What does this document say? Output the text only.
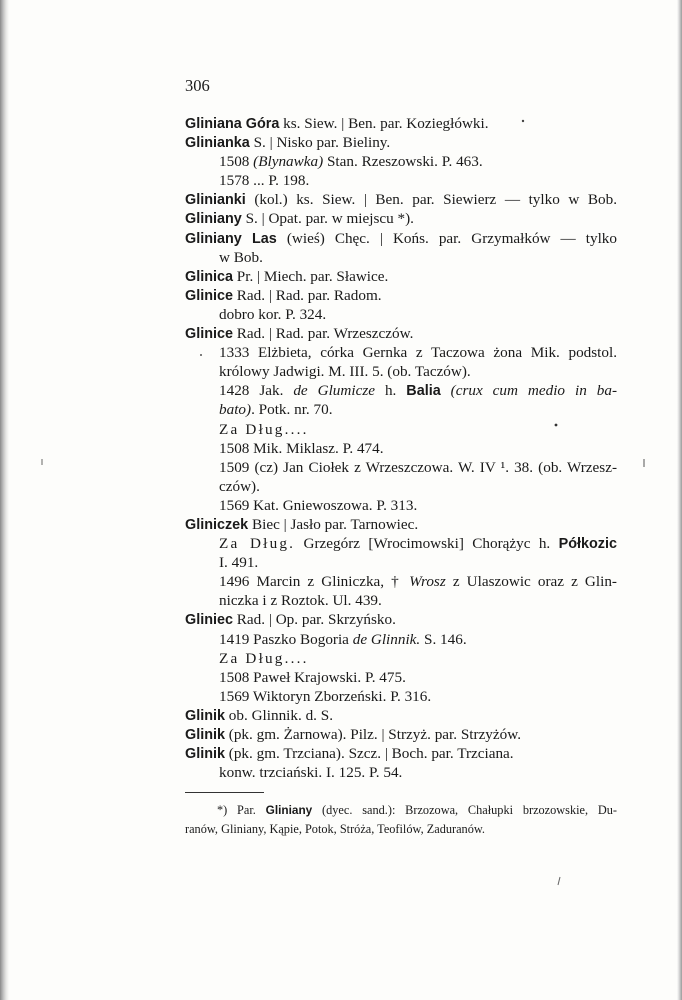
306
Gliniana Góra ks. Siew. | Ben. par. Koziegłówki.
Glinianka S. | Nisko par. Bieliny.
1508 (Blynawka) Stan. Rzeszowski. P. 463.
1578 ... P. 198.
Glinianki (kol.) ks. Siew. | Ben. par. Siewierz — tylko w Bob.
Gliniany S. | Opat. par. w miejscu *).
Gliniany Las (wieś) Chęc. | Końs. par. Grzymałków — tylko
w Bob.
Glinica Pr. | Miech. par. Sławice.
Glinice Rad. | Rad. par. Radom.
dobro kor. P. 324.
Glinice Rad. | Rad. par. Wrzeszczów.
1333 Elżbieta, córka Gernka z Taczowa żona Mik. podstol.
królowy Jadwigi. M. III. 5. (ob. Taczów).
1428 Jak. de Glumicze h. Balia (crux cum medio in ba-
bato). Potk. nr. 70.
Za Dług....
1508 Mik. Miklasz. P. 474.
1509 (cz) Jan Ciołek z Wrzeszczowa. W. IV ¹. 38. (ob. Wrzesz-
czów).
1569 Kat. Gniewoszowa. P. 313.
Gliniczek Biec | Jasło par. Tarnowiec.
Za Dług. Grzegórz [Wrocimowski] Chorążyc h. Półkozic
I. 491.
1496 Marcin z Gliniczka, † Wrosz z Ulaszowic oraz z Glin-
niczka i z Roztok. Ul. 439.
Gliniec Rad. | Op. par. Skrzyńsko.
1419 Paszko Bogoria de Glinnik. S. 146.
Za Dług....
1508 Paweł Krajowski. P. 475.
1569 Wiktoryn Zborzeński. P. 316.
Glinik ob. Glinnik. d. S.
Glinik (pk. gm. Żarnowa). Pilz. | Strzyż. par. Strzyżów.
Glinik (pk. gm. Trzciana). Szcz. | Boch. par. Trzciana.
konw. trzciański. I. 125. P. 54.
*) Par. Gliniany (dyec. sand.): Brzozowa, Chałupki brzozowskie, Du-
ranów, Gliniany, Kąpie, Potok, Stróża, Teofilów, Zaduranów.
